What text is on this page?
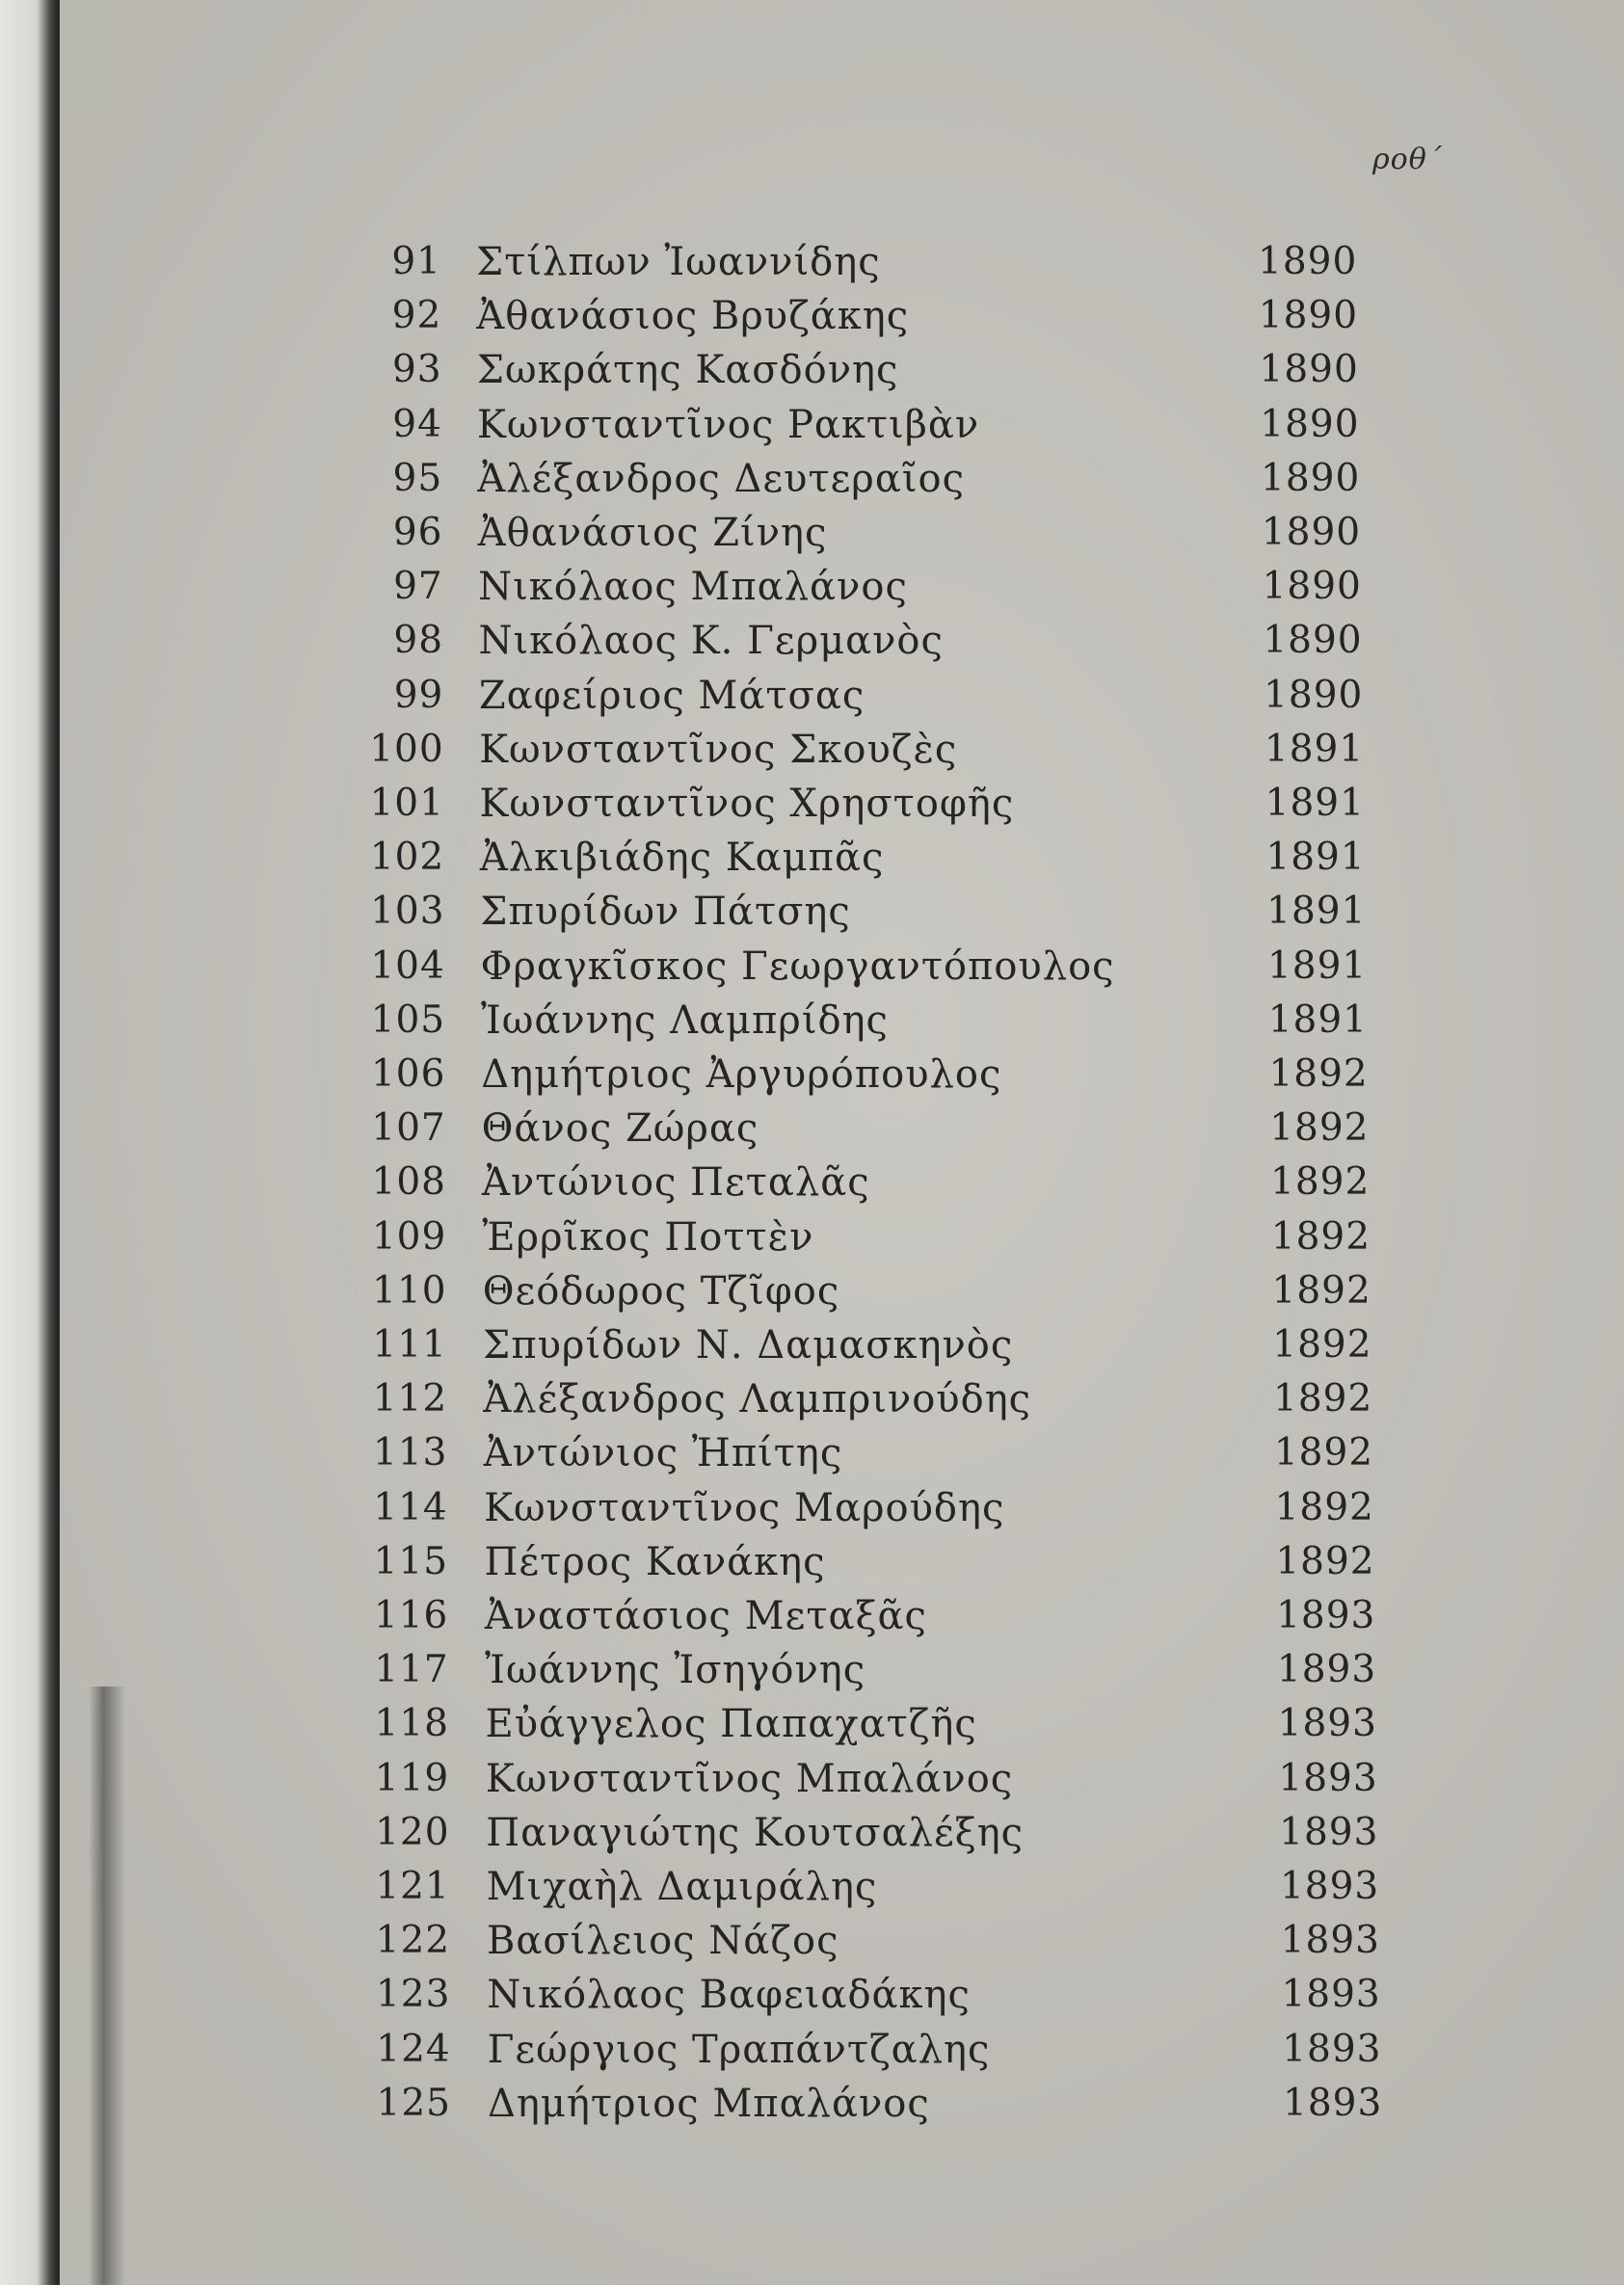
ροθ΄
91 Στίλπων Ἰωαννίδης	1890
92 Ἀθανάσιος Βρυζάκης	1890
93 Σωκράτης Κασδόνης	1890
94 Κωνσταντῖνος Ρακτιβὰν	1890
95 Ἀλέξανδρος Δευτεραῖος	1890
96 Ἀθανάσιος Ζίνης	1890
97 Νικόλαος Μπαλάνος	1890
98 Νικόλαος Κ. Γερμανὸς	1890
99 Ζαφείριος Μάτσας	1890
100 Κωνσταντῖνος Σκουζὲς	1891
101 Κωνσταντῖνος Χρηστοφῆς	1891
102 Ἀλκιβιάδης Καμπᾶς	1891
103 Σπυρίδων Πάτσης	1891
104 Φραγκῖσκος Γεωργαντόπουλος	1891
105 Ἰωάννης Λαμπρίδης	1891
106 Δημήτριος Ἀργυρόπουλος	1892
107 Θάνος Ζώρας	1892
108 Ἀντώνιος Πεταλᾶς	1892
109 Ἐρρῖκος Ποττὲν	1892
110 Θεόδωρος Τζῖφος	1892
111 Σπυρίδων Ν. Δαμασκηνὸς	1892
112 Ἀλέξανδρος Λαμπρινούδης	1892
113 Ἀντώνιος Ἠπίτης	1892
114 Κωνσταντῖνος Μαρούδης	1892
115 Πέτρος Κανάκης	1892
116 Ἀναστάσιος Μεταξᾶς	1893
117 Ἰωάννης Ἰσηγόνης	1893
118 Εὐάγγελος Παπαχατζῆς	1893
119 Κωνσταντῖνος Μπαλάνος	1893
120 Παναγιώτης Κουτσαλέξης	1893
121 Μιχαὴλ Δαμιράλης	1893
122 Βασίλειος Νάζος	1893
123 Νικόλαος Βαφειαδάκης	1893
124 Γεώργιος Τραπάντζαλης	1893
125 Δημήτριος Μπαλάνος	1893
